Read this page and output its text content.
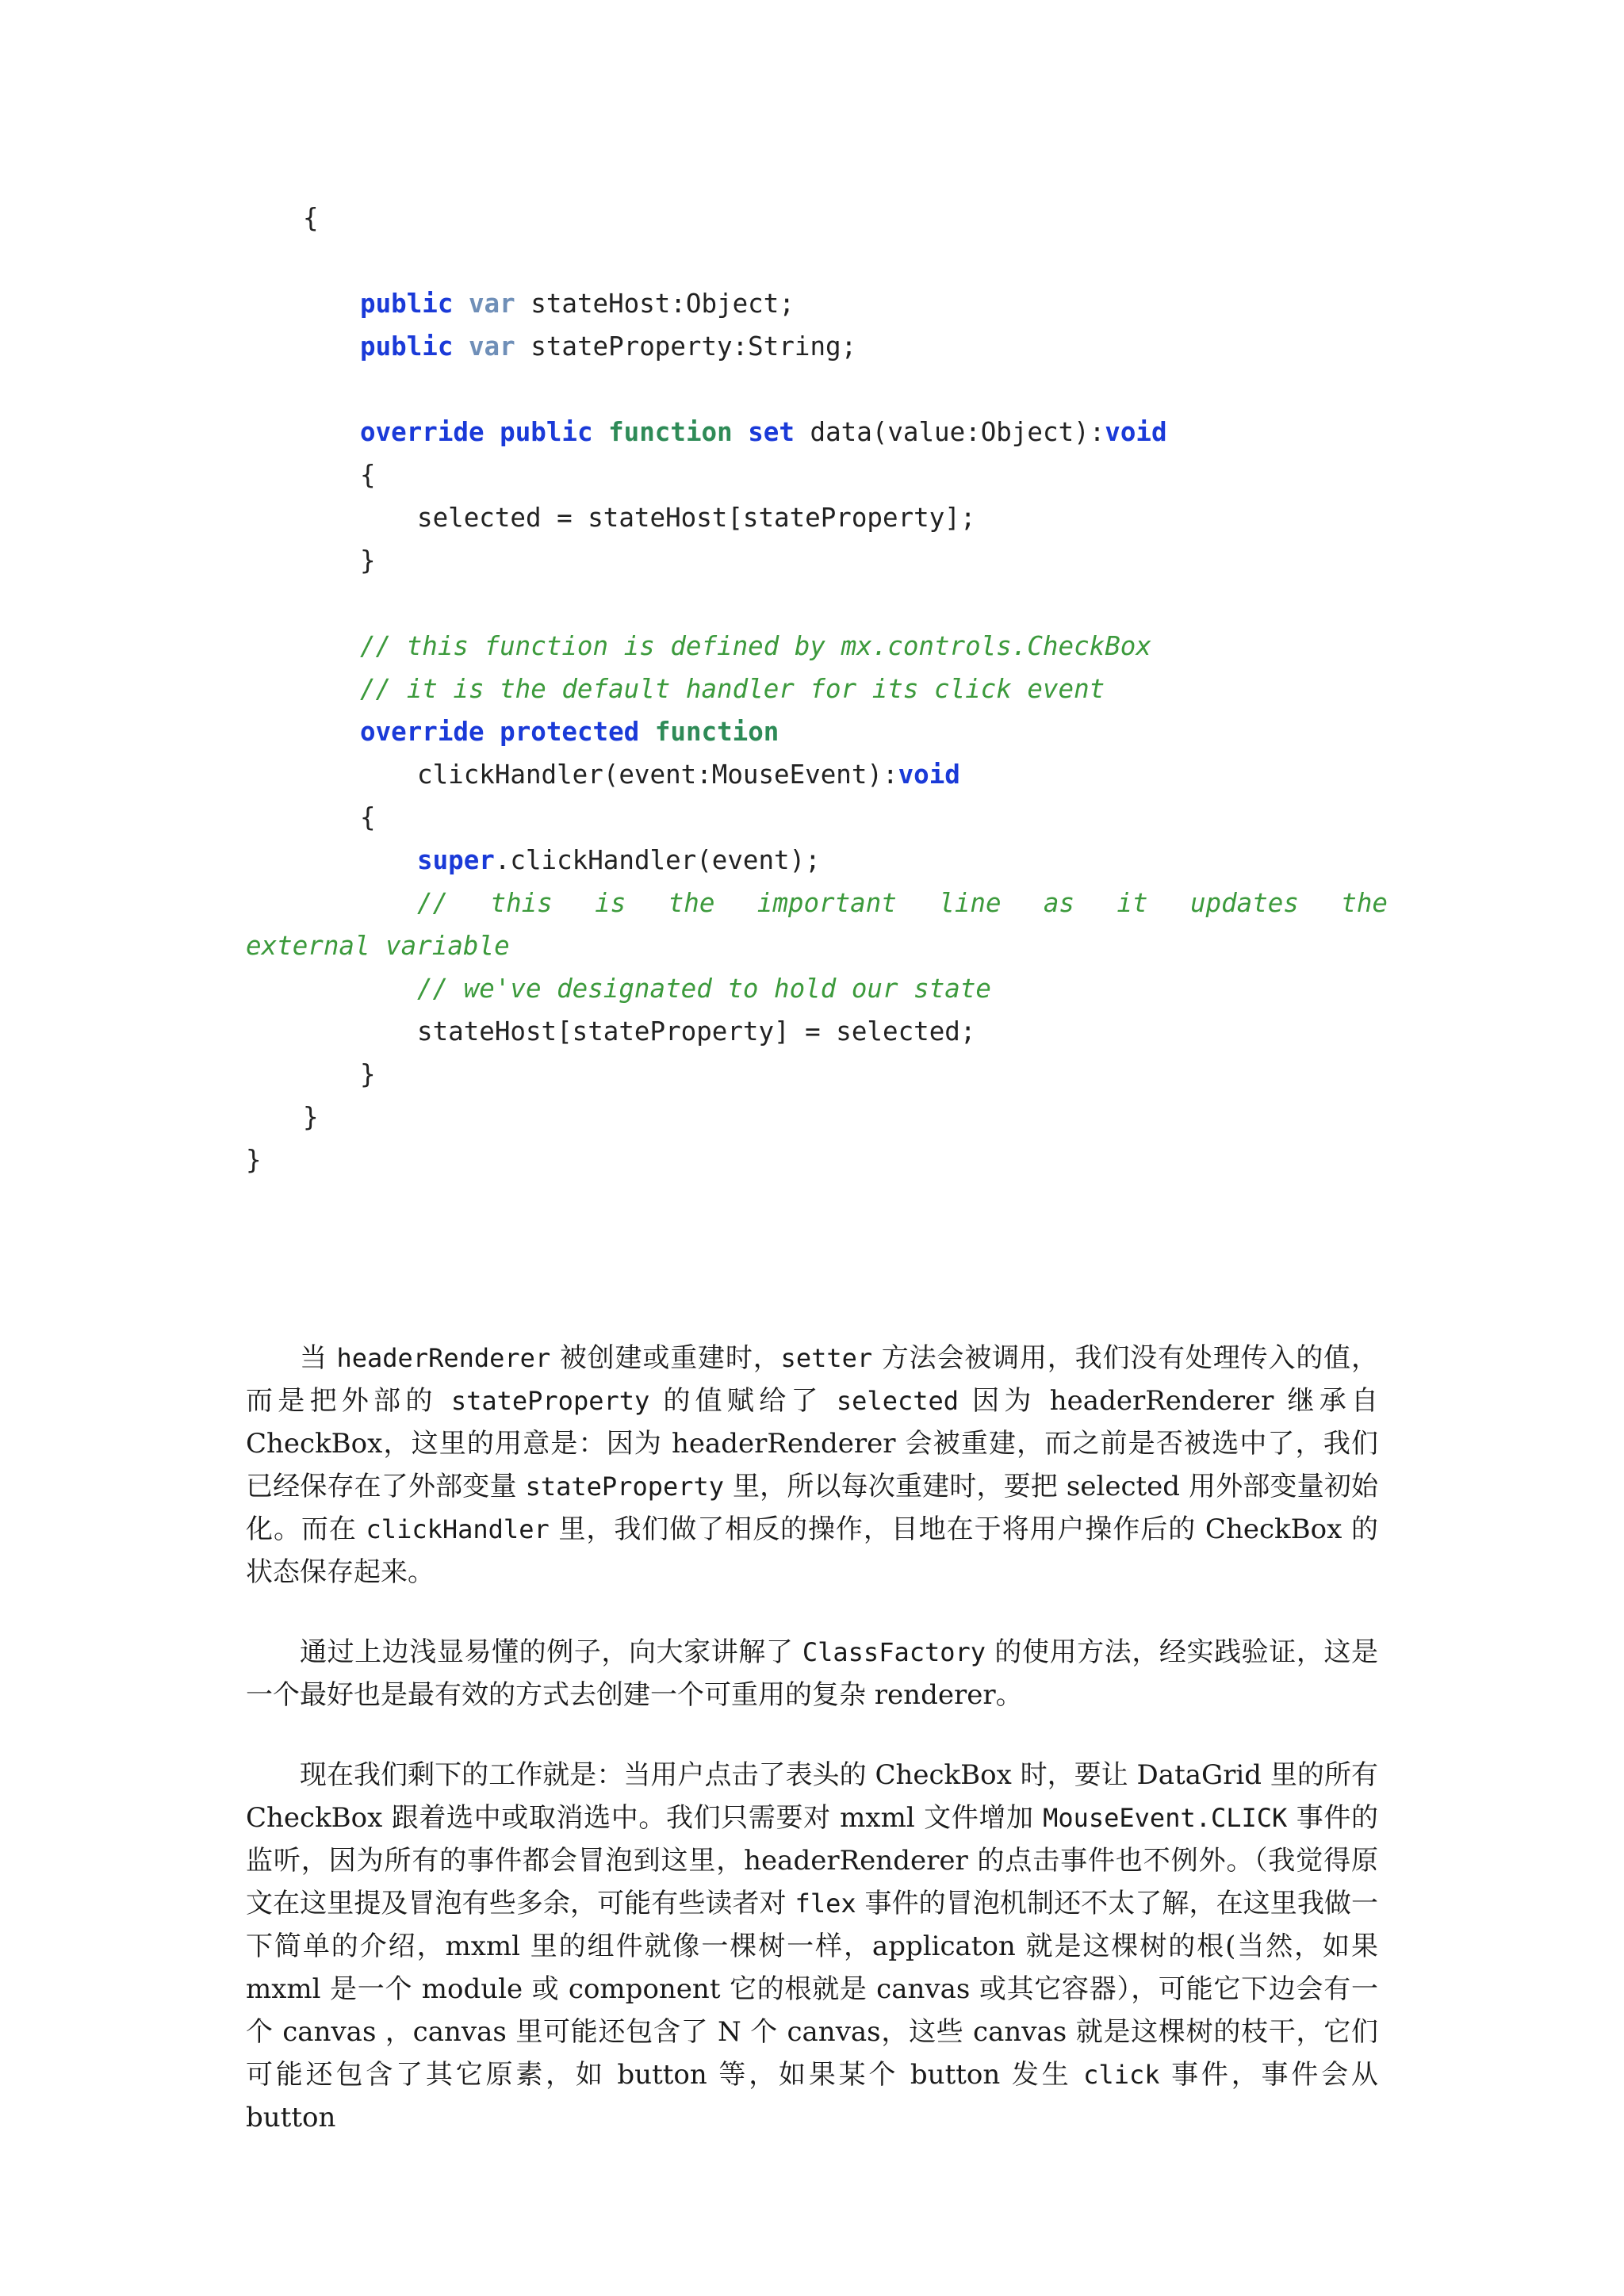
{
public var stateHost:Object;
public var stateProperty:String;
override public function set data(value:Object):void
{
selected = stateHost[stateProperty];
}
// this function is defined by mx.controls.CheckBox
// it is the default handler for its click event
override protected function
clickHandler(event:MouseEvent):void
{
super.clickHandler(event);
// this is the important line as it updates the
external variable
// we've designated to hold our state
stateHost[stateProperty] = selected;
}
}
}

当 headerRenderer 被创建或重建时，setter 方法会被调用，我们没有处理传入的值，而是把外部的 stateProperty 的值赋给了 selected 因为 headerRenderer 继承自 CheckBox，这里的用意是：因为 headerRenderer 会被重建，而之前是否被选中了，我们已经保存在了外部变量 stateProperty 里，所以每次重建时，要把 selected 用外部变量初始化。而在 clickHandler 里，我们做了相反的操作，目地在于将用户操作后的 CheckBox 的状态保存起来。

通过上边浅显易懂的例子，向大家讲解了 ClassFactory 的使用方法，经实践验证，这是一个最好也是最有效的方式去创建一个可重用的复杂 renderer。

现在我们剩下的工作就是：当用户点击了表头的 CheckBox 时，要让 DataGrid 里的所有 CheckBox 跟着选中或取消选中。我们只需要对 mxml 文件增加 MouseEvent.CLICK 事件的监听，因为所有的事件都会冒泡到这里，headerRenderer 的点击事件也不例外。（我觉得原文在这里提及冒泡有些多余，可能有些读者对 flex 事件的冒泡机制还不太了解，在这里我做一下简单的介绍，mxml 里的组件就像一棵树一样，applicaton 就是这棵树的根(当然，如果 mxml 是一个 module 或 component 它的根就是 canvas 或其它容器），可能它下边会有一个 canvas ，canvas 里可能还包含了 N 个 canvas，这些 canvas 就是这棵树的枝干，它们可能还包含了其它原素，如 button 等，如果某个 button 发生 click 事件，事件会从 button
